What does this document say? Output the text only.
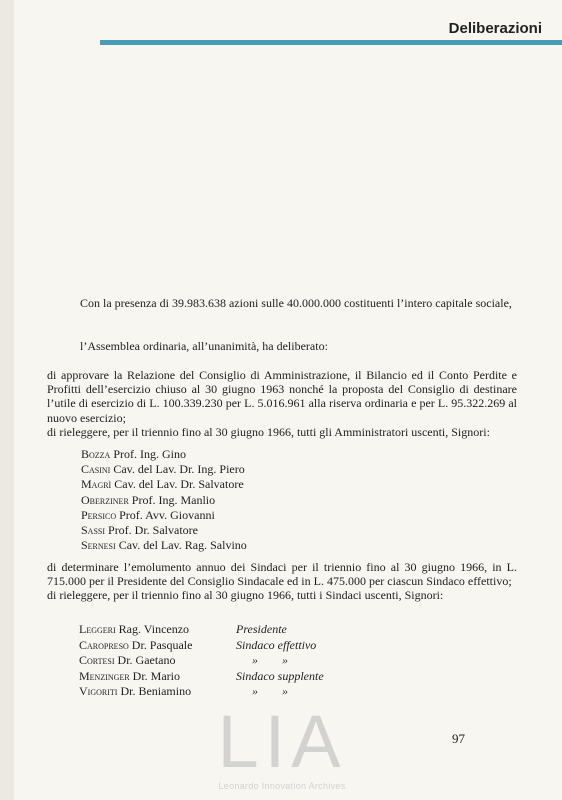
Deliberazioni

Con la presenza di 39.983.638 azioni sulle 40.000.000 costituenti l’intero capitale sociale,

l’Assemblea ordinaria, all’unanimità, ha deliberato:

di approvare la Relazione del Consiglio di Amministrazione, il Bilancio ed il Conto Perdite e Profitti dell’esercizio chiuso al 30 giugno 1963 nonché la proposta del Consiglio di destinare l’utile di esercizio di L. 100.339.230 per L. 5.016.961 alla riserva ordinaria e per L. 95.322.269 al nuovo esercizio;

di rieleggere, per il triennio fino al 30 giugno 1966, tutti gli Amministratori uscenti, Signori:

Bozza Prof. Ing. Gino
Casini Cav. del Lav. Dr. Ing. Piero
Magrì Cav. del Lav. Dr. Salvatore
Oberziner Prof. Ing. Manlio
Persico Prof. Avv. Giovanni
Sassi Prof. Dr. Salvatore
Sernesi Cav. del Lav. Rag. Salvino

di determinare l’emolumento annuo dei Sindaci per il triennio fino al 30 giugno 1966, in L. 715.000 per il Presidente del Consiglio Sindacale ed in L. 475.000 per ciascun Sindaco effettivo;

di rieleggere, per il triennio fino al 30 giugno 1966, tutti i Sindaci uscenti, Signori:

Leggeri Rag. Vincenzo	Presidente
Caropreso Dr. Pasquale	Sindaco effettivo
Cortesi Dr. Gaetano	»        »
Menzinger Dr. Mario	Sindaco supplente
Vigoriti Dr. Beniamino	»        »
97
LIA
Leonardo Innovation Archives
